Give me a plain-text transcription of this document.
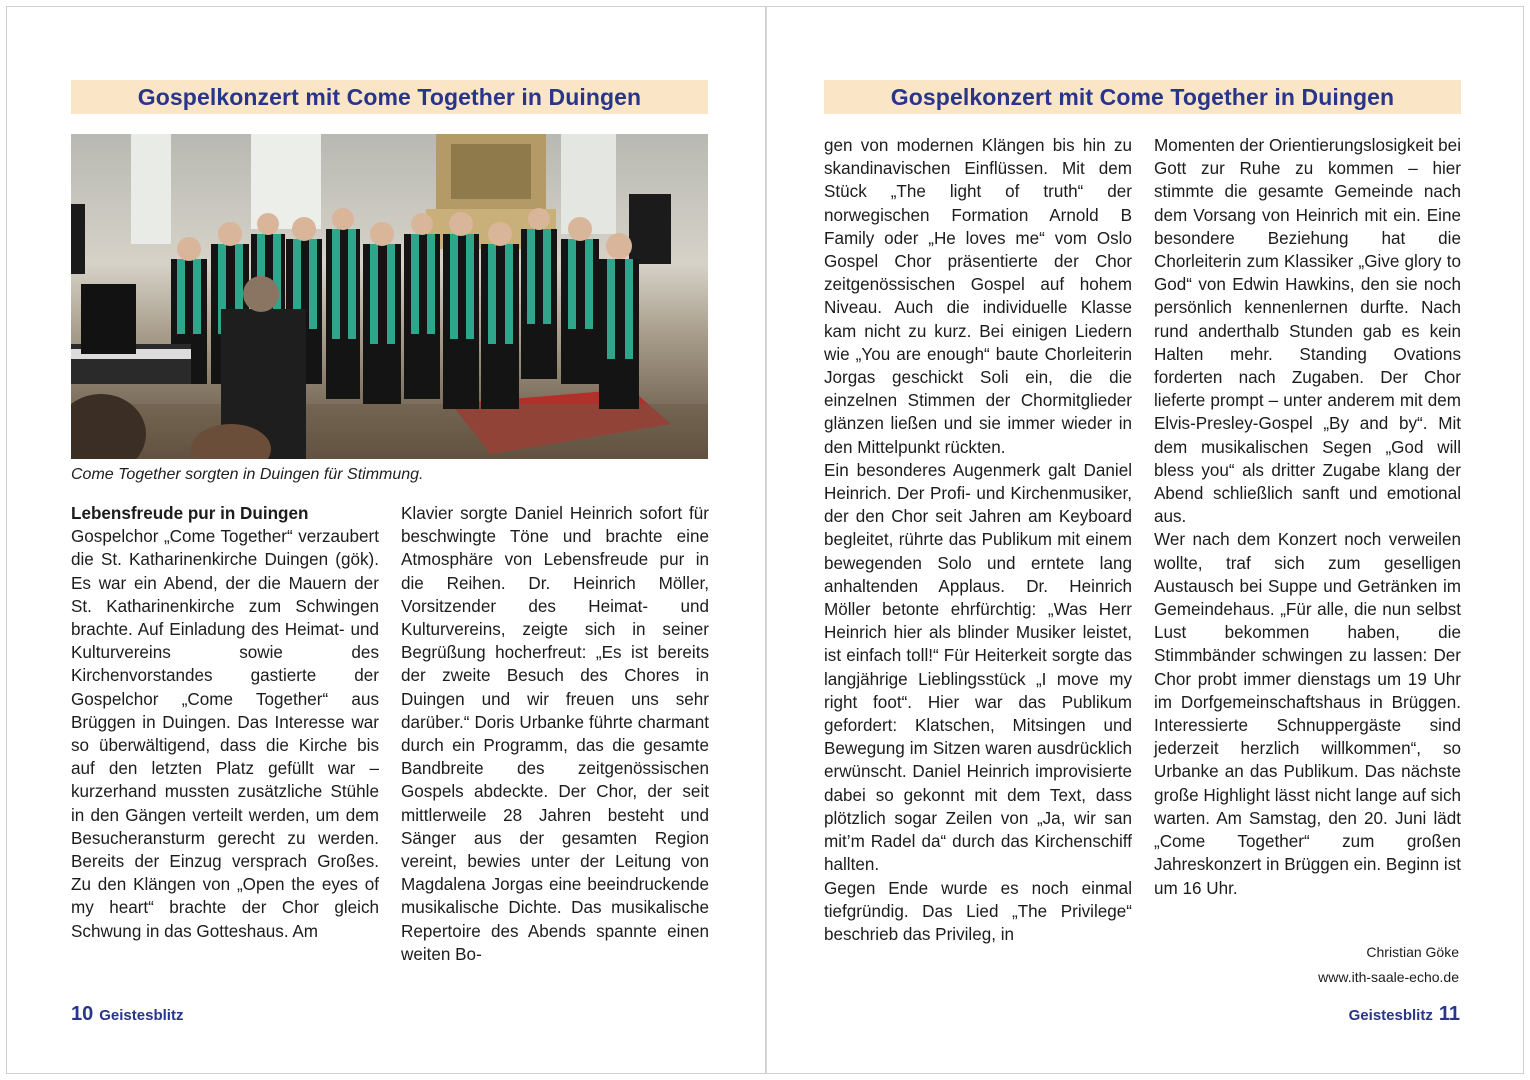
Gospelkonzert mit Come Together in Duingen
Come Together sorgten in Duingen für Stimmung.

Lebensfreude pur in Duingen

Gospelchor „Come Together“ verzaubert die St. Katharinenkirche Duingen (gök). Es war ein Abend, der die Mauern der St. Katharinenkirche zum Schwingen brachte. Auf Einladung des Heimat- und Kulturvereins sowie des Kirchenvorstandes gastierte der Gospelchor „Come Together“ aus Brüggen in Duingen. Das Interesse war so überwältigend, dass die Kirche bis auf den letzten Platz gefüllt war – kurzerhand mussten zusätzliche Stühle in den Gängen verteilt werden, um dem Besucheransturm gerecht zu werden. Bereits der Einzug versprach Großes. Zu den Klängen von „Open the eyes of my heart“ brachte der Chor gleich Schwung in das Gotteshaus. Am

Klavier sorgte Daniel Heinrich sofort für beschwingte Töne und brachte eine Atmosphäre von Lebensfreude pur in die Reihen. Dr. Heinrich Möller, Vorsitzender des Heimat- und Kulturvereins, zeigte sich in seiner Begrüßung hocherfreut: „Es ist bereits der zweite Besuch des Chores in Duingen und wir freuen uns sehr darüber.“ Doris Urbanke führte charmant durch ein Programm, das die gesamte Bandbreite des zeitgenössischen Gospels abdeckte. Der Chor, der seit mittlerweile 28 Jahren besteht und Sänger aus der gesamten Region vereint, bewies unter der Leitung von Magdalena Jorgas eine beeindruckende musikalische Dichte. Das musikalische Repertoire des Abends spannte einen weiten Bo-

10 Geistesblitz
Gospelkonzert mit Come Together in Duingen

gen von modernen Klängen bis hin zu skandinavischen Einflüssen. Mit dem Stück „The light of truth“ der norwegischen Formation Arnold B Family oder „He loves me“ vom Oslo Gospel Chor präsentierte der Chor zeitgenössischen Gospel auf hohem Niveau. Auch die individuelle Klasse kam nicht zu kurz. Bei einigen Liedern wie „You are enough“ baute Chorleiterin Jorgas geschickt Soli ein, die die einzelnen Stimmen der Chormitglieder glänzen ließen und sie immer wieder in den Mittelpunkt rückten.

Ein besonderes Augenmerk galt Daniel Heinrich. Der Profi- und Kirchenmusiker, der den Chor seit Jahren am Keyboard begleitet, rührte das Publikum mit einem bewegenden Solo und erntete lang anhaltenden Applaus. Dr. Heinrich Möller betonte ehrfürchtig: „Was Herr Heinrich hier als blinder Musiker leistet, ist einfach toll!“ Für Heiterkeit sorgte das langjährige Lieblingsstück „I move my right foot“. Hier war das Publikum gefordert: Klatschen, Mitsingen und Bewegung im Sitzen waren ausdrücklich erwünscht. Daniel Heinrich improvisierte dabei so gekonnt mit dem Text, dass plötzlich sogar Zeilen von „Ja, wir san mit’m Radel da“ durch das Kirchenschiff hallten.

Gegen Ende wurde es noch einmal tiefgründig. Das Lied „The Privilege“ beschrieb das Privileg, in

Momenten der Orientierungslosigkeit bei Gott zur Ruhe zu kommen – hier stimmte die gesamte Gemeinde nach dem Vorsang von Heinrich mit ein. Eine besondere Beziehung hat die Chorleiterin zum Klassiker „Give glory to God“ von Edwin Hawkins, den sie noch persönlich kennenlernen durfte. Nach rund anderthalb Stunden gab es kein Halten mehr. Standing Ovations forderten nach Zugaben. Der Chor lieferte prompt – unter anderem mit dem Elvis-Presley-Gospel „By and by“. Mit dem musikalischen Segen „God will bless you“ als dritter Zugabe klang der Abend schließlich sanft und emotional aus.

Wer nach dem Konzert noch verweilen wollte, traf sich zum geselligen Austausch bei Suppe und Getränken im Gemeindehaus. „Für alle, die nun selbst Lust bekommen haben, die Stimmbänder schwingen zu lassen: Der Chor probt immer dienstags um 19 Uhr im Dorfgemeinschaftshaus in Brüggen. Interessierte Schnuppergäste sind jederzeit herzlich willkommen“, so Urbanke an das Publikum. Das nächste große Highlight lässt nicht lange auf sich warten. Am Samstag, den 20. Juni lädt „Come Together“ zum großen Jahreskonzert in Brüggen ein. Beginn ist um 16 Uhr.

Christian Göke
www.ith-saale-echo.de
Geistesblitz 11
